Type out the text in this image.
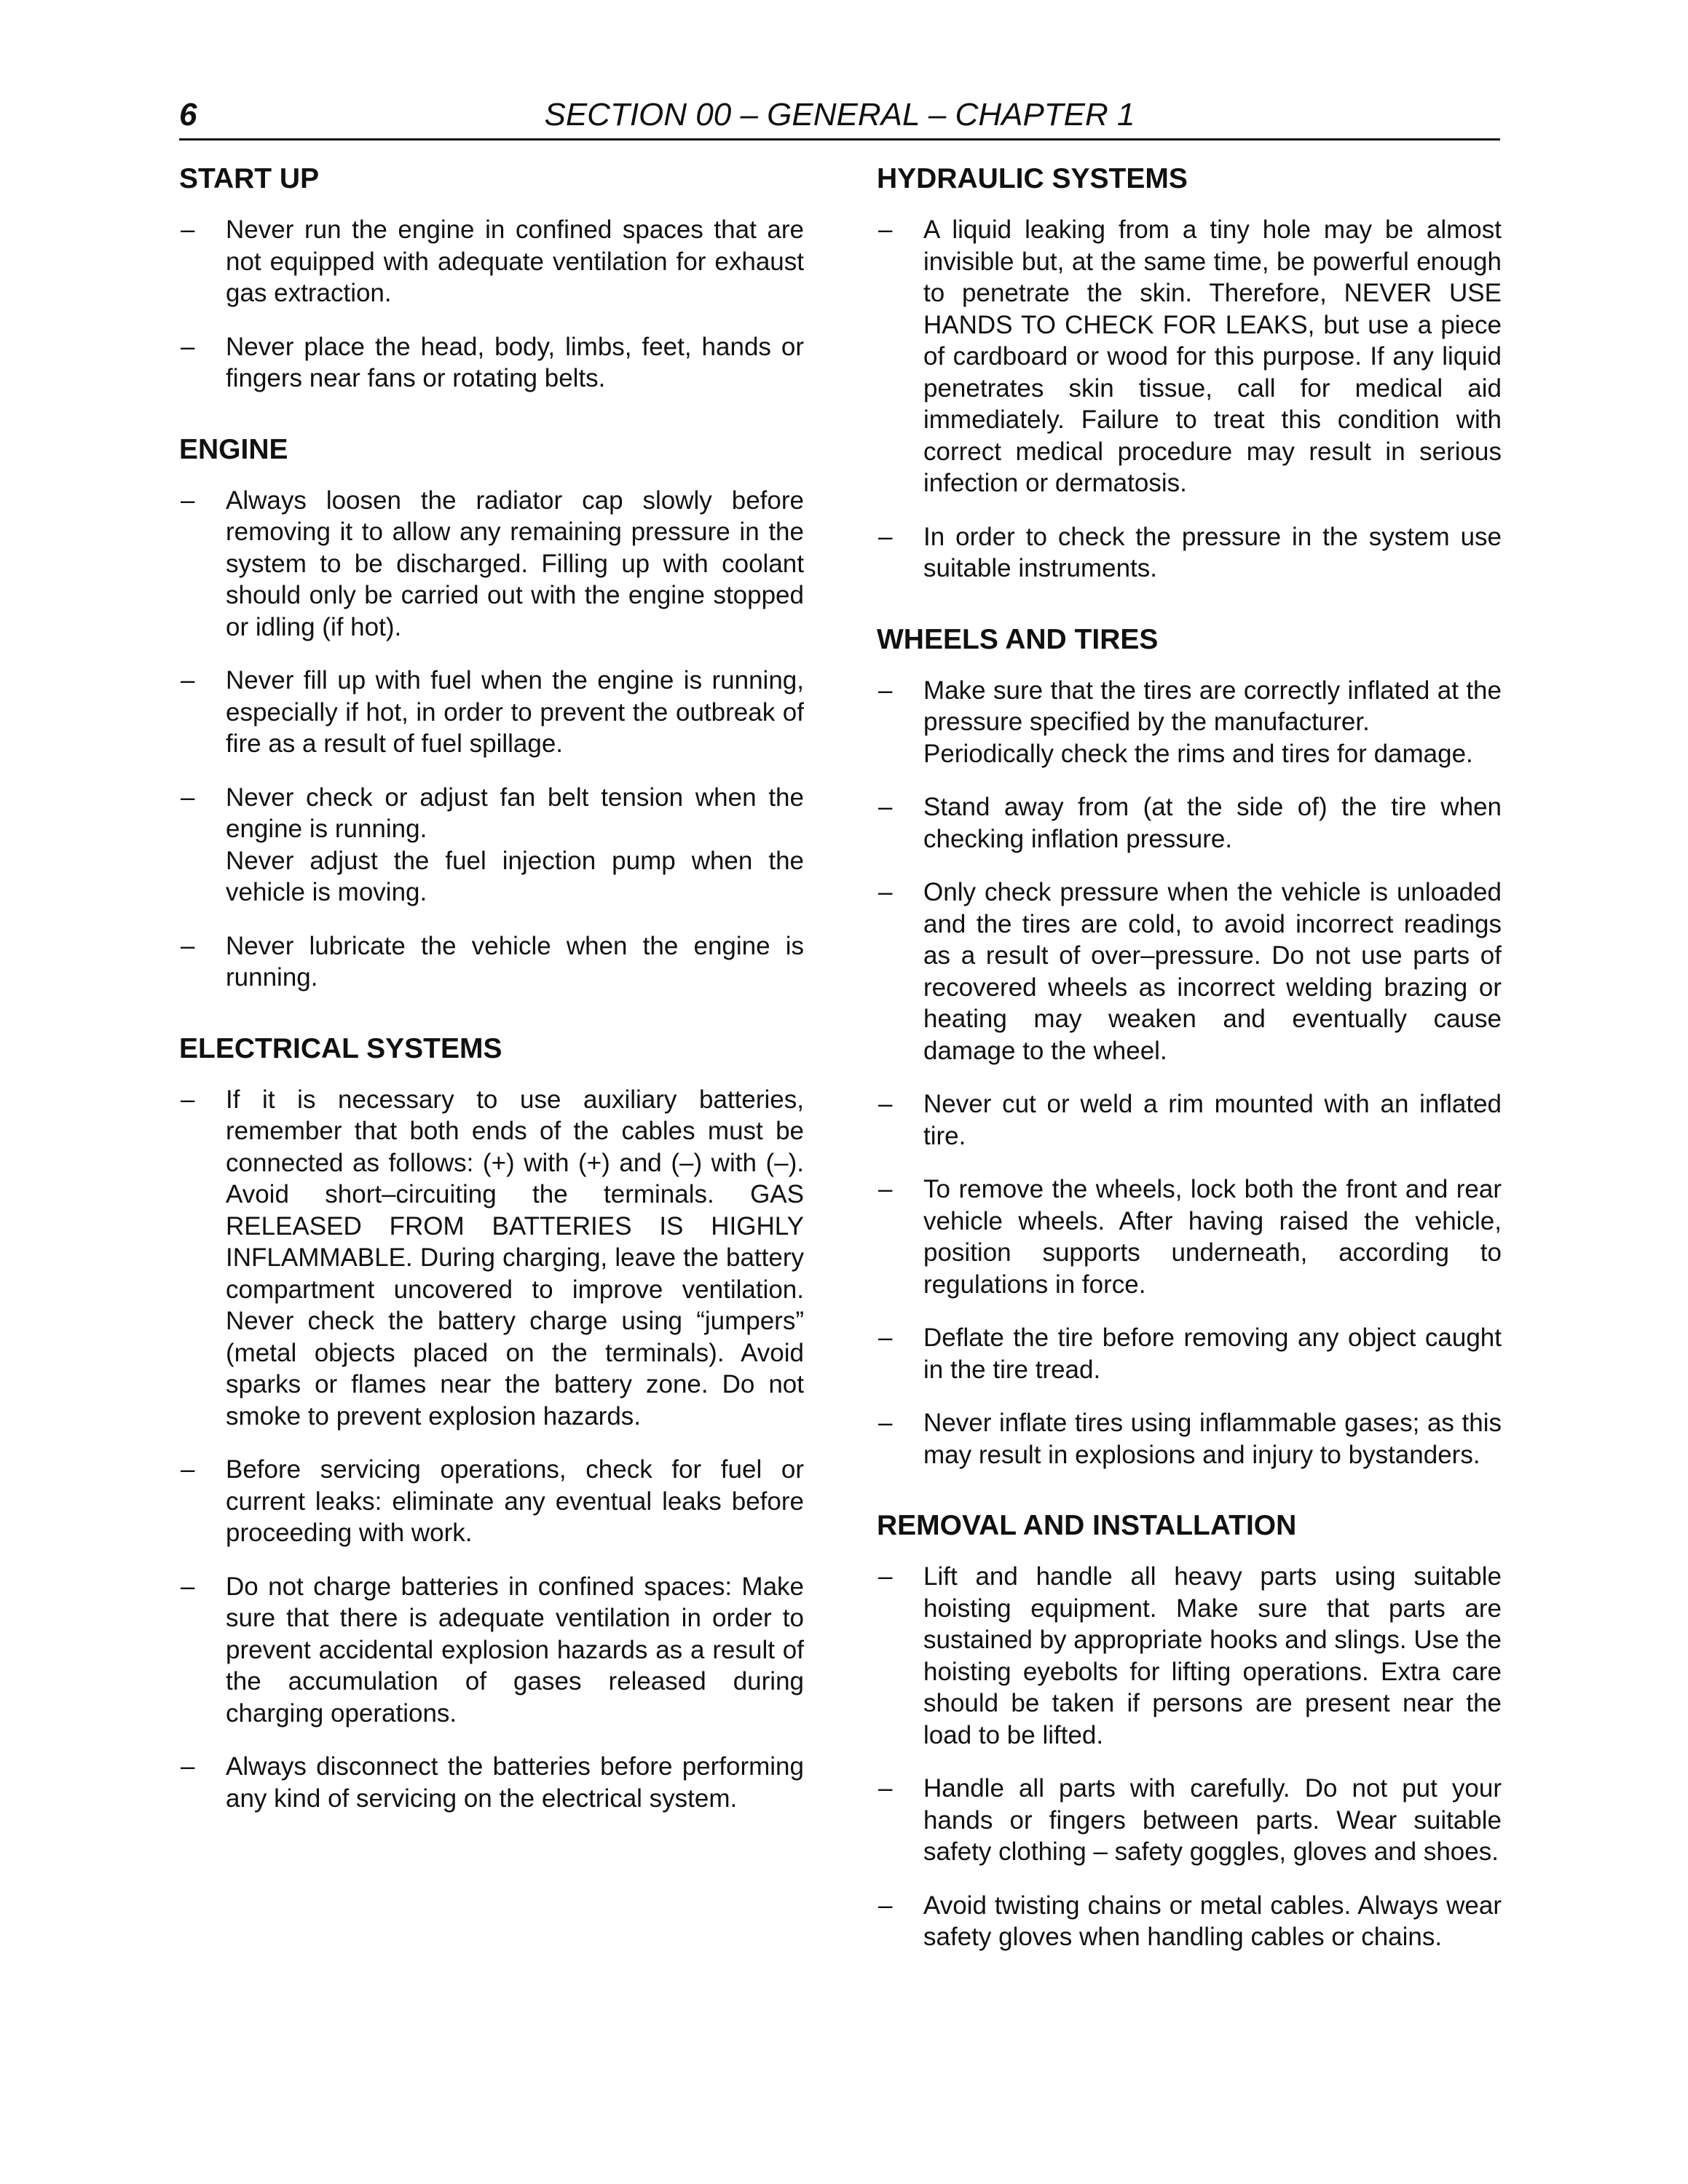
6	SECTION 00 – GENERAL – CHAPTER 1
START UP
– Never run the engine in confined spaces that are not equipped with adequate ventilation for exhaust gas extraction.
– Never place the head, body, limbs, feet, hands or fingers near fans or rotating belts.
ENGINE
– Always loosen the radiator cap slowly before removing it to allow any remaining pressure in the system to be discharged. Filling up with coolant should only be carried out with the engine stopped or idling (if hot).
– Never fill up with fuel when the engine is running, especially if hot, in order to prevent the outbreak of fire as a result of fuel spillage.
– Never check or adjust fan belt tension when the engine is running.
Never adjust the fuel injection pump when the vehicle is moving.
– Never lubricate the vehicle when the engine is running.
ELECTRICAL SYSTEMS
– If it is necessary to use auxiliary batteries, remember that both ends of the cables must be connected as follows: (+) with (+) and (–) with (–). Avoid short–circuiting the terminals. GAS RELEASED FROM BATTERIES IS HIGHLY INFLAMMABLE. During charging, leave the battery compartment uncovered to improve ventilation. Never check the battery charge using “jumpers” (metal objects placed on the terminals). Avoid sparks or flames near the battery zone. Do not smoke to prevent explosion hazards.
– Before servicing operations, check for fuel or current leaks: eliminate any eventual leaks before proceeding with work.
– Do not charge batteries in confined spaces: Make sure that there is adequate ventilation in order to prevent accidental explosion hazards as a result of the accumulation of gases released during charging operations.
– Always disconnect the batteries before performing any kind of servicing on the electrical system.
HYDRAULIC SYSTEMS
– A liquid leaking from a tiny hole may be almost invisible but, at the same time, be powerful enough to penetrate the skin. Therefore, NEVER USE HANDS TO CHECK FOR LEAKS, but use a piece of cardboard or wood for this purpose. If any liquid penetrates skin tissue, call for medical aid immediately. Failure to treat this condition with correct medical procedure may result in serious infection or dermatosis.
– In order to check the pressure in the system use suitable instruments.
WHEELS AND TIRES
– Make sure that the tires are correctly inflated at the pressure specified by the manufacturer.
Periodically check the rims and tires for damage.
– Stand away from (at the side of) the tire when checking inflation pressure.
– Only check pressure when the vehicle is unloaded and the tires are cold, to avoid incorrect readings as a result of over–pressure. Do not use parts of recovered wheels as incorrect welding brazing or heating may weaken and eventually cause damage to the wheel.
– Never cut or weld a rim mounted with an inflated tire.
– To remove the wheels, lock both the front and rear vehicle wheels. After having raised the vehicle, position supports underneath, according to regulations in force.
– Deflate the tire before removing any object caught in the tire tread.
– Never inflate tires using inflammable gases; as this may result in explosions and injury to bystanders.
REMOVAL AND INSTALLATION
– Lift and handle all heavy parts using suitable hoisting equipment. Make sure that parts are sustained by appropriate hooks and slings. Use the hoisting eyebolts for lifting operations. Extra care should be taken if persons are present near the load to be lifted.
– Handle all parts with carefully. Do not put your hands or fingers between parts. Wear suitable safety clothing – safety goggles, gloves and shoes.
– Avoid twisting chains or metal cables. Always wear safety gloves when handling cables or chains.
